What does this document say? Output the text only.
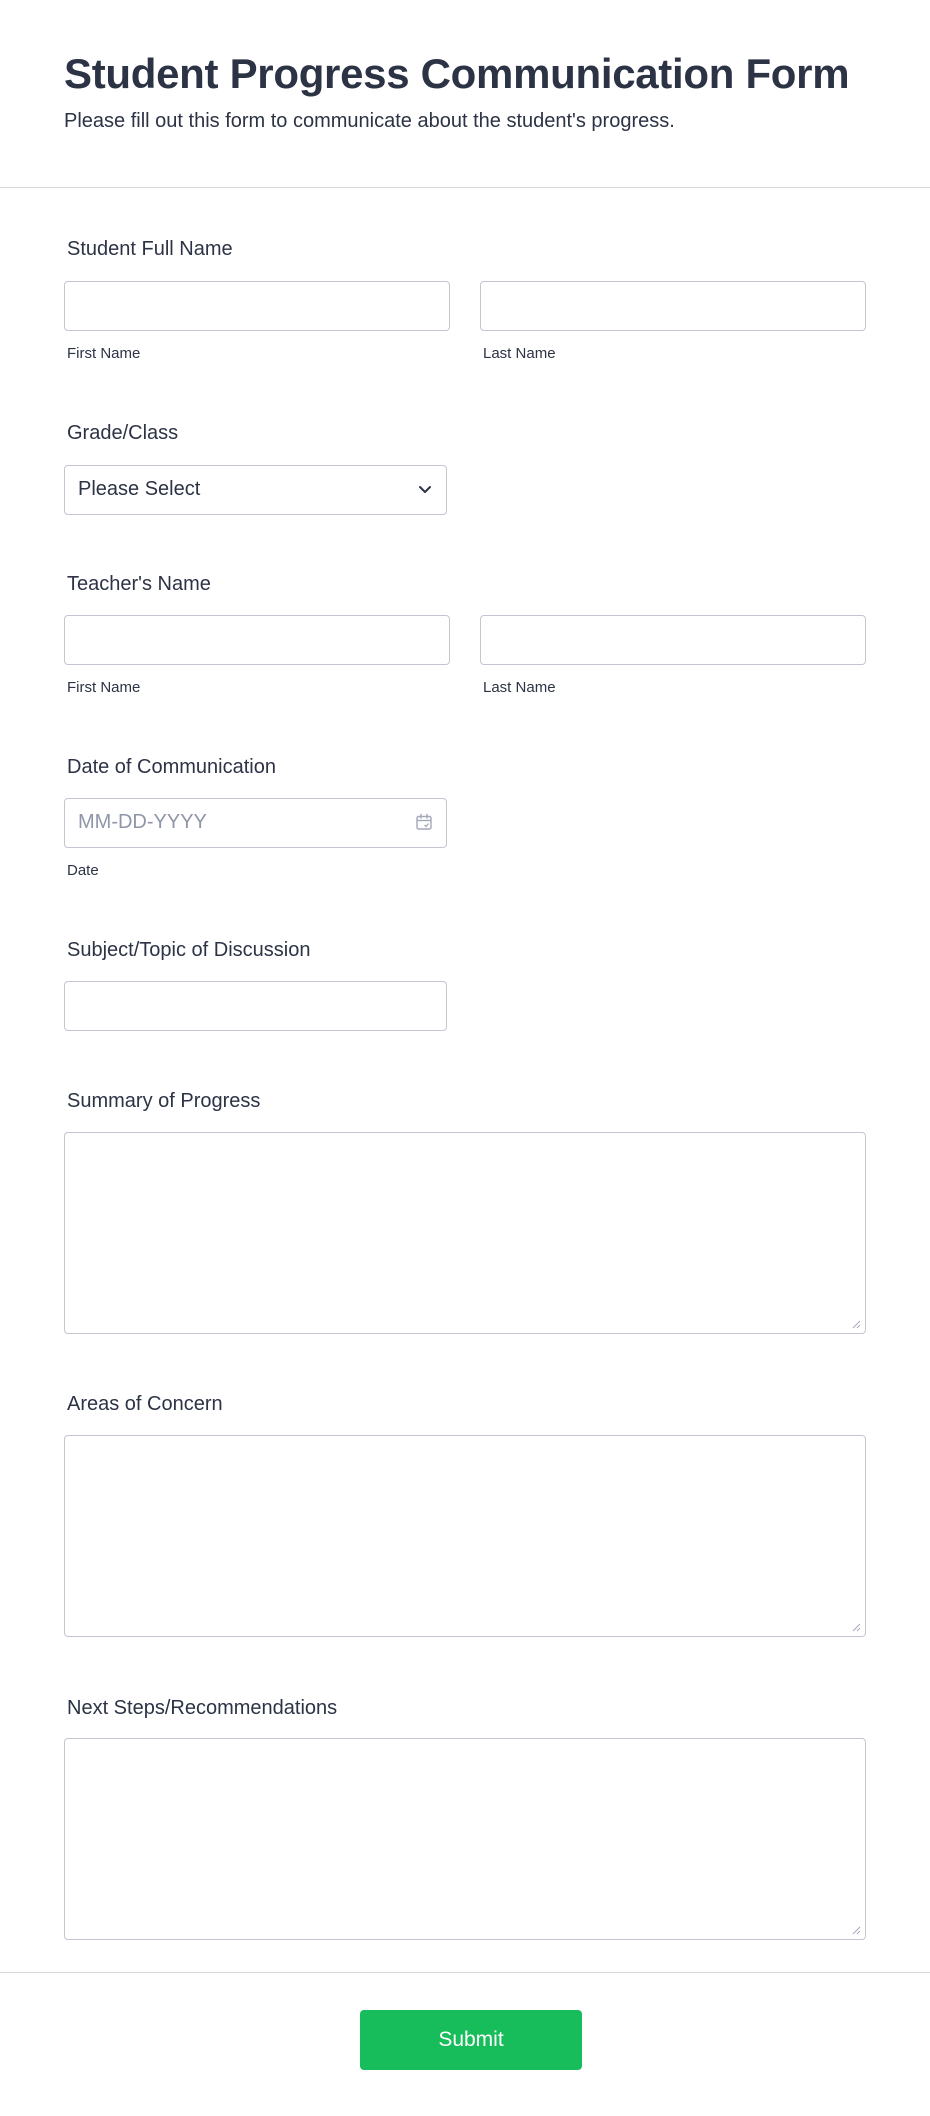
Student Progress Communication Form
Please fill out this form to communicate about the student's progress.
Student Full Name
First Name	Last Name
Grade/Class
Please Select
Teacher's Name
First Name	Last Name
Date of Communication
MM-DD-YYYY
Date
Subject/Topic of Discussion
Summary of Progress
Areas of Concern
Next Steps/Recommendations
Submit
